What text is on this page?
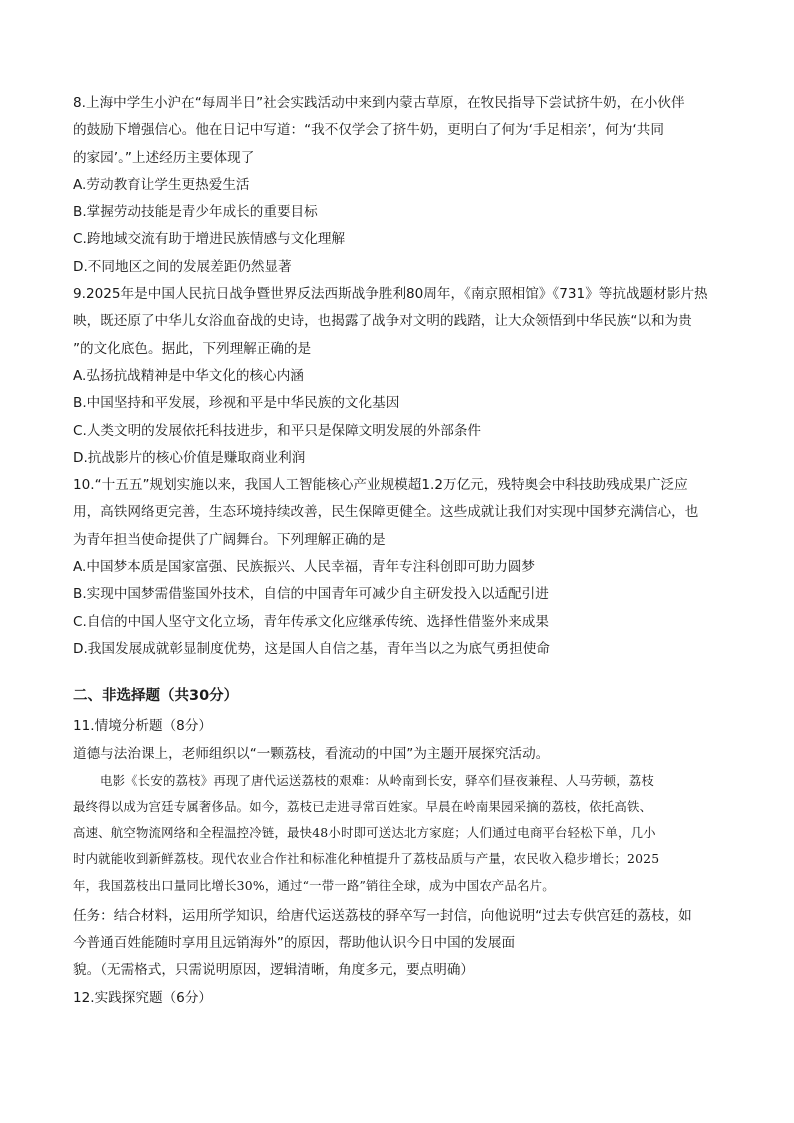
8.上海中学生小沪在“每周半日”社会实践活动中来到内蒙古草原，在牧民指导下尝试挤牛奶，在小伙伴
的鼓励下增强信心。他在日记中写道：“我不仅学会了挤牛奶，更明白了何为‘手足相亲’，何为‘共同
的家园’。”上述经历主要体现了
A.劳动教育让学生更热爱生活
B.掌握劳动技能是青少年成长的重要目标
C.跨地域交流有助于增进民族情感与文化理解
D.不同地区之间的发展差距仍然显著
9.2025年是中国人民抗日战争暨世界反法西斯战争胜利80周年，《南京照相馆》《731》等抗战题材影片热
映，既还原了中华儿女浴血奋战的史诗，也揭露了战争对文明的践踏，让大众领悟到中华民族“以和为贵
”的文化底色。据此，下列理解正确的是
A.弘扬抗战精神是中华文化的核心内涵
B.中国坚持和平发展，珍视和平是中华民族的文化基因
C.人类文明的发展依托科技进步，和平只是保障文明发展的外部条件
D.抗战影片的核心价值是赚取商业利润
10.“十五五”规划实施以来，我国人工智能核心产业规模超1.2万亿元，残特奥会中科技助残成果广泛应
用，高铁网络更完善，生态环境持续改善，民生保障更健全。这些成就让我们对实现中国梦充满信心，也
为青年担当使命提供了广阔舞台。下列理解正确的是
A.中国梦本质是国家富强、民族振兴、人民幸福，青年专注科创即可助力圆梦
B.实现中国梦需借鉴国外技术，自信的中国青年可减少自主研发投入以适配引进
C.自信的中国人坚守文化立场，青年传承文化应继承传统、选择性借鉴外来成果
D.我国发展成就彰显制度优势，这是国人自信之基，青年当以之为底气勇担使命
二、非选择题（共30分）
11.情境分析题（8分）
道德与法治课上，老师组织以“一颗荔枝，看流动的中国”为主题开展探究活动。
电影《长安的荔枝》再现了唐代运送荔枝的艰难：从岭南到长安，驿卒们昼夜兼程、人马劳顿，荔枝
最终得以成为宫廷专属奢侈品。如今，荔枝已走进寻常百姓家。早晨在岭南果园采摘的荔枝，依托高铁、
高速、航空物流网络和全程温控冷链，最快48小时即可送达北方家庭；人们通过电商平台轻松下单，几小
时内就能收到新鲜荔枝。现代农业合作社和标准化种植提升了荔枝品质与产量，农民收入稳步增长；2025
年，我国荔枝出口量同比增长30%，通过“一带一路”销往全球，成为中国农产品名片。
任务：结合材料，运用所学知识，给唐代运送荔枝的驿卒写一封信，向他说明“过去专供宫廷的荔枝，如
今普通百姓能随时享用且远销海外”的原因，帮助他认识今日中国的发展面
貌。（无需格式，只需说明原因，逻辑清晰，角度多元，要点明确）
12.实践探究题（6分）
